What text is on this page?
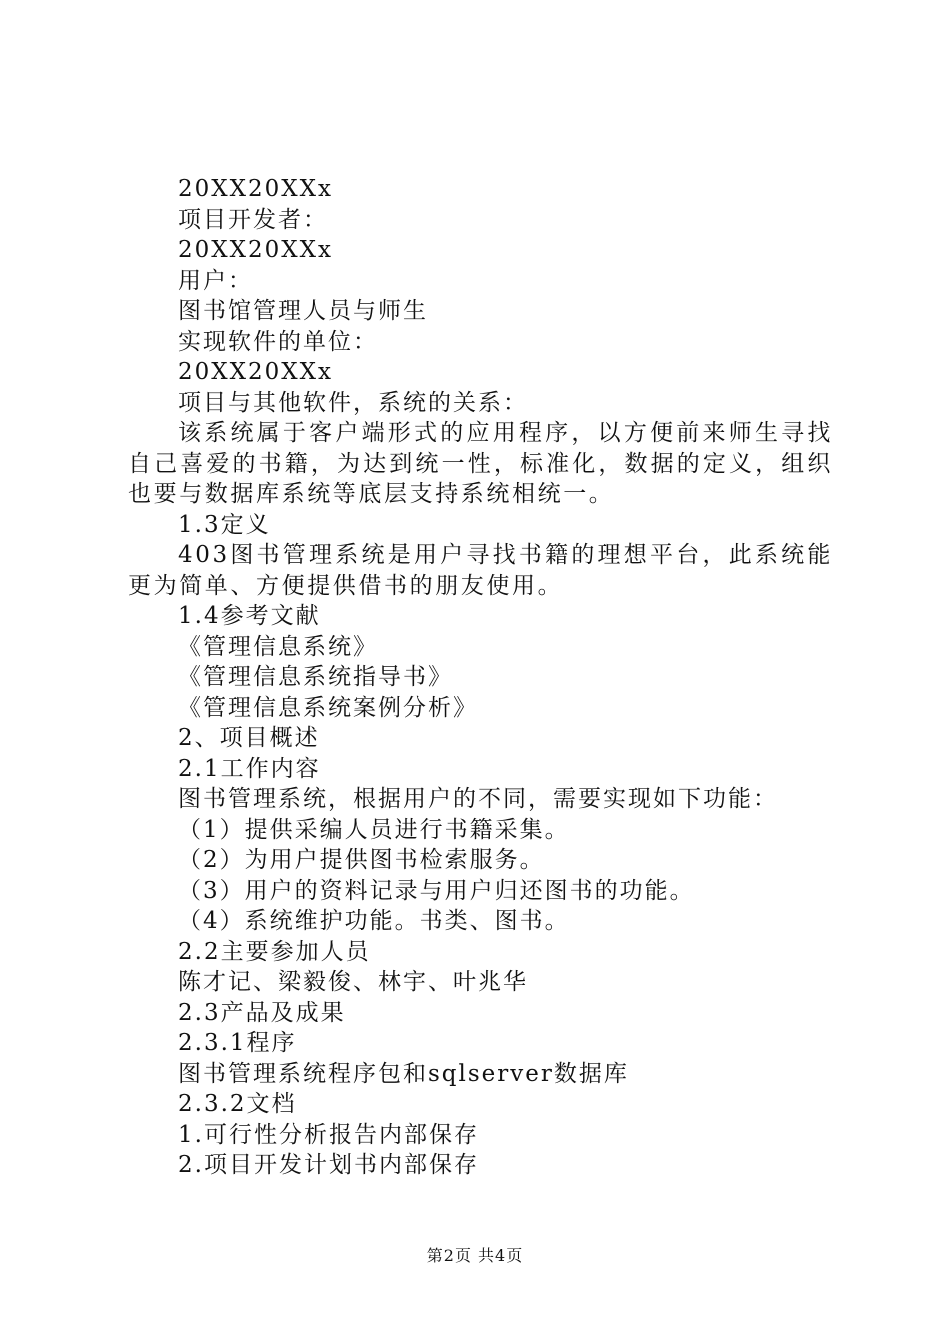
20XX20XXx
项目开发者：
20XX20XXx
用户：
图书馆管理人员与师生
实现软件的单位：
20XX20XXx
项目与其他软件，系统的关系：

该系统属于客户端形式的应用程序，以方便前来师生寻找自己喜爱的书籍，为达到统一性，标准化，数据的定义，组织也要与数据库系统等底层支持系统相统一。

1.3定义

403图书管理系统是用户寻找书籍的理想平台，此系统能更为简单、方便提供借书的朋友使用。

1.4参考文献
《管理信息系统》
《管理信息系统指导书》
《管理信息系统案例分析》
2、项目概述
2.1工作内容
图书管理系统，根据用户的不同，需要实现如下功能：
（1）提供采编人员进行书籍采集。
（2）为用户提供图书检索服务。
（3）用户的资料记录与用户归还图书的功能。
（4）系统维护功能。书类、图书。
2.2主要参加人员
陈才记、梁毅俊、林宇、叶兆华
2.3产品及成果
2.3.1程序
图书管理系统程序包和sqlserver数据库
2.3.2文档
1.可行性分析报告内部保存
2.项目开发计划书内部保存
第2页 共4页
